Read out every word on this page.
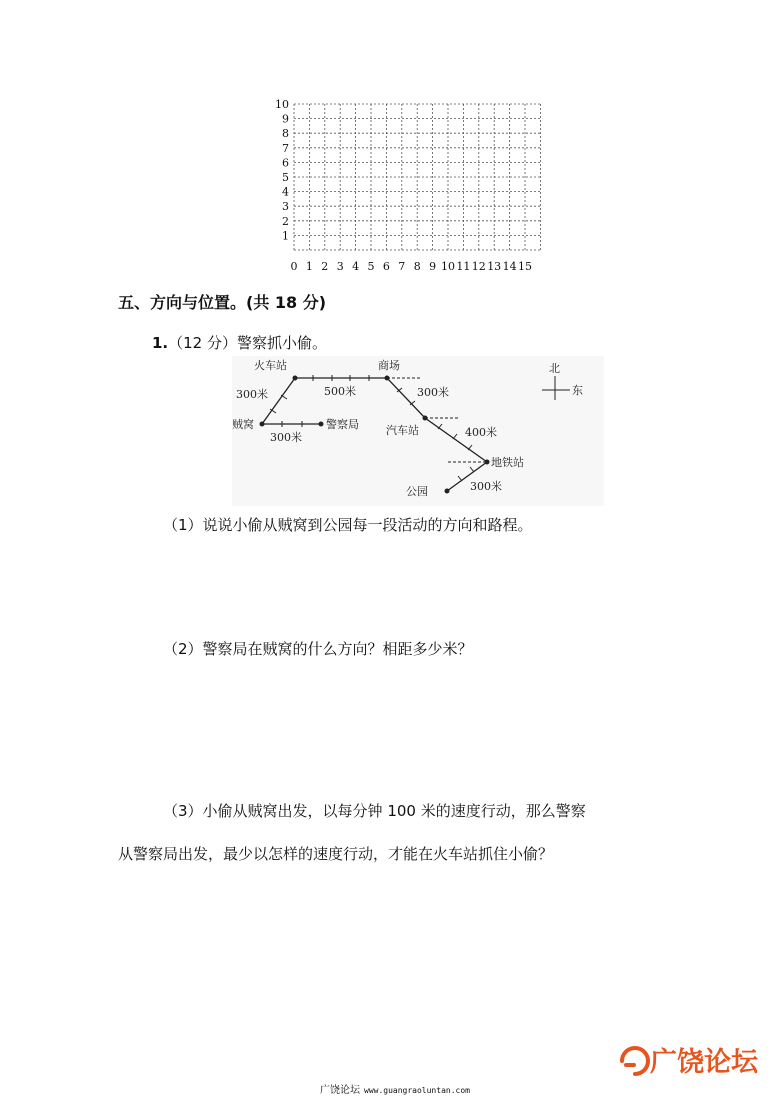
10
9
8
7
6
5
4
3
2
1
0 1 2 3 4 5 6 7 8 9 10 11 12 13 14 15
五、方向与位置。(共 18 分)
1.（12 分）警察抓小偷。
火车站	商场
贼窝	警察局 汽车站
地铁站
公园
300米	500米
300米
300米
400米
300米
北
东
（1）说说小偷从贼窝到公园每一段活动的方向和路程。
（2）警察局在贼窝的什么方向？相距多少米？
（3）小偷从贼窝出发，以每分钟 100 米的速度行动，那么警察
从警察局出发，最少以怎样的速度行动，才能在火车站抓住小偷？
广饶论坛 www.guangraoluntan.com
广饶论坛
